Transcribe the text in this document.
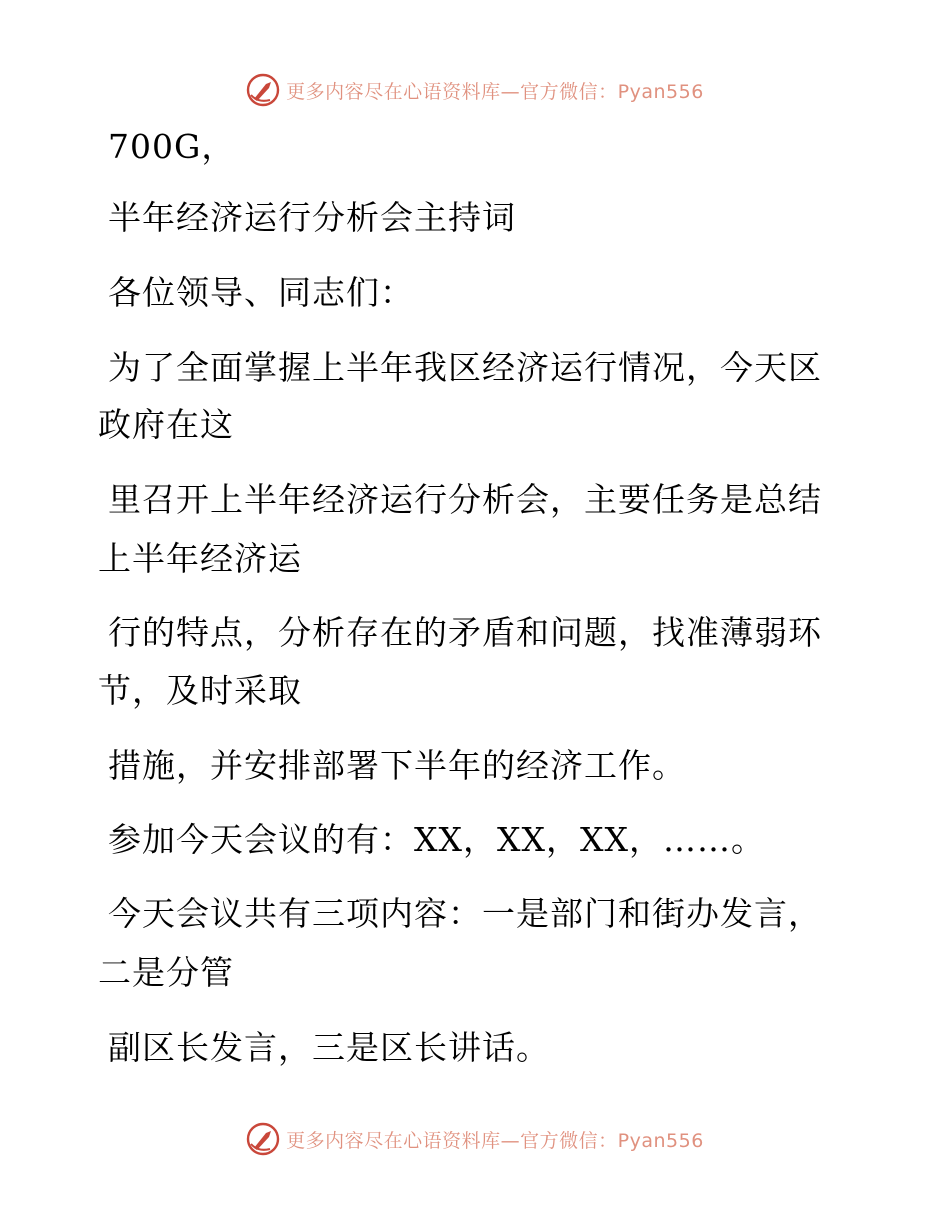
更多内容尽在心语资料库—官方微信：Pyan556
700G，
半年经济运行分析会主持词
各位领导、同志们：
为了全面掌握上半年我区经济运行情况，今天区
政府在这
里召开上半年经济运行分析会，主要任务是总结
上半年经济运
行的特点，分析存在的矛盾和问题，找准薄弱环
节，及时采取
措施，并安排部署下半年的经济工作。
参加今天会议的有：XX，XX，XX，……。
今天会议共有三项内容：一是部门和街办发言，
二是分管
副区长发言，三是区长讲话。
更多内容尽在心语资料库—官方微信：Pyan556
